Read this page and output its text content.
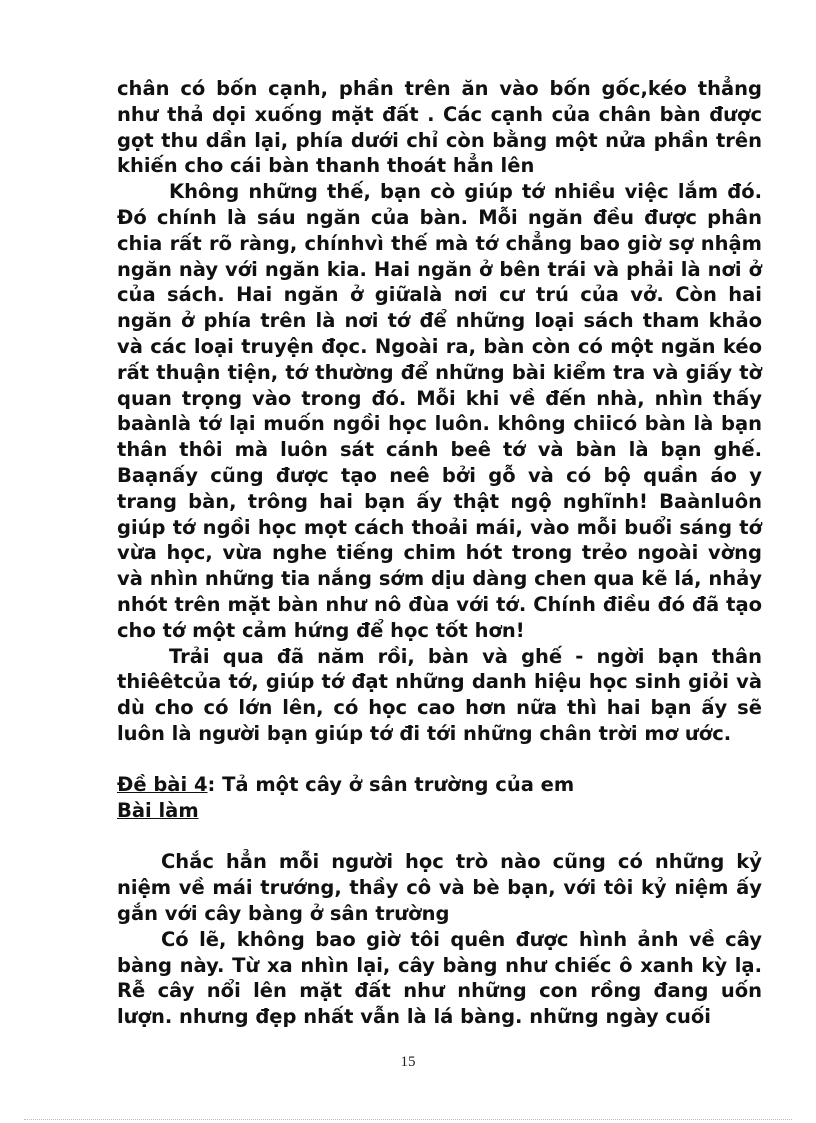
chân có bốn cạnh, phần trên ăn vào bốn gốc,kéo thẳng như thả dọi xuống mặt đất . Các cạnh của chân bàn được gọt thu dần lại, phía dưới chỉ còn bằng một nửa phần trên khiến cho cái bàn thanh thoát hẳn lên

Không những thế, bạn cò giúp tớ nhiều việc lắm đó. Đó chính là sáu ngăn của bàn. Mỗi ngăn đều được phân chia rất rõ ràng, chínhvì thế mà tớ chẳng bao giờ sợ nhậm ngăn này với ngăn kia. Hai ngăn ở bên trái và phải là nơi ở của sách. Hai ngăn ở giữalà nơi cư trú của vở. Còn hai ngăn ở phía trên là nơi tớ để những loại sách tham khảo và các loại truyện đọc. Ngoài ra, bàn còn có một ngăn kéo rất thuận tiện, tớ thường để những bài kiểm tra và giấy tờ quan trọng vào trong đó. Mỗi khi về đến nhà, nhìn thấy baànlà tớ lại muốn ngồi học luôn. không chiicó bàn là bạn thân thôi mà luôn sát cánh beê tớ và bàn là bạn ghế. Baạnấy cũng được tạo neê bởi gỗ và có bộ quần áo y trang bàn, trông hai bạn ấy thật ngộ nghĩnh! Baànluôn giúp tớ ngồi học mọt cách thoải mái, vào mỗi buổi sáng tớ vừa học, vừa nghe tiếng chim hót trong trẻo ngoài vờng và nhìn những tia nắng sớm dịu dàng chen qua kẽ lá, nhảy nhót trên mặt bàn như nô đùa với tớ. Chính điều đó đã tạo cho tớ một cảm hứng để học tốt hơn!

Trải qua đã năm rồi, bàn và ghế - ngời bạn thân thiêêtcủa tớ, giúp tớ đạt những danh hiệu học sinh giỏi và dù cho có lớn lên, có học cao hơn nữa thì hai bạn ấy sẽ luôn là người bạn giúp tớ đi tới những chân trời mơ ước.

Đề bài 4: Tả một cây ở sân trường của em

Bài làm

Chắc hẳn mỗi người học trò nào cũng có những kỷ niệm về mái trướng, thầy cô và bè bạn, với tôi kỷ niệm ấy gắn với cây bàng ở sân trường

Có lẽ, không bao giờ tôi quên được hình ảnh về cây bàng này. Từ xa nhìn lại, cây bàng như chiếc ô xanh kỳ lạ. Rễ cây nổi lên mặt đất như những con rồng đang uốn lượn. nhưng đẹp nhất vẫn là lá bàng. những ngày cuối

15
